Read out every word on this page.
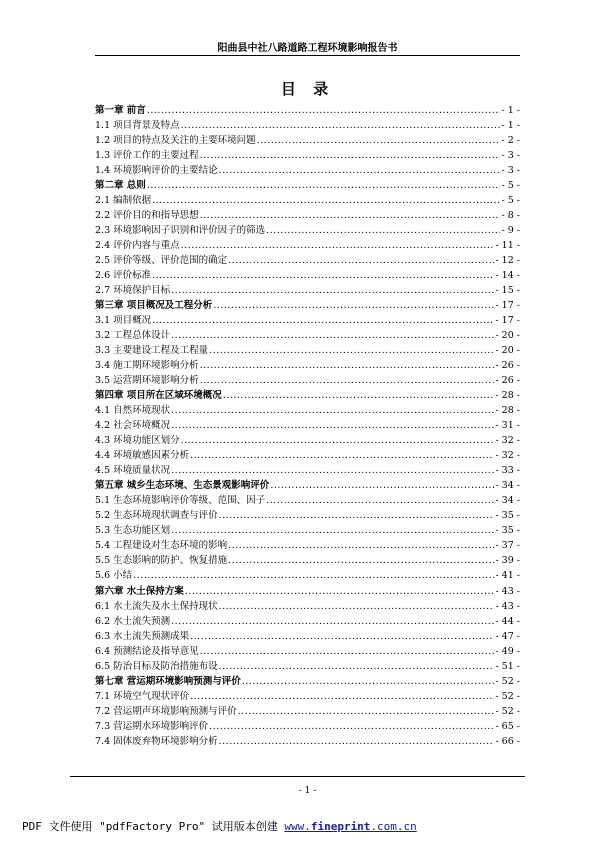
阳曲县中社八路道路工程环境影响报告书
目 录
第一章 前言 .....	- 1 -
1.1 项目背景及特点 .....	- 1 -
1.2 项目的特点及关注的主要环境问题 .....	- 2 -
1.3 评价工作的主要过程 .....	- 3 -
1.4 环境影响评价的主要结论 .....	- 3 -
第二章 总则 .....	- 5 -
2.1 编制依据 .....	- 5 -
2.2 评价目的和指导思想 .....	- 8 -
2.3 环境影响因子识别和评价因子的筛选 .....	- 9 -
2.4 评价内容与重点 .....	- 11 -
2.5 评价等级、评价范围的确定 .....	- 12 -
2.6 评价标准 .....	- 14 -
2.7 环境保护目标 .....	- 15 -
第三章 项目概况及工程分析 .....	- 17 -
3.1 项目概况 .....	- 17 -
3.2 工程总体设计 .....	- 20 -
3.3 主要建设工程及工程量 .....	- 20 -
3.4 施工期环境影响分析 .....	- 26 -
3.5 运营期环境影响分析 .....	- 26 -
第四章 项目所在区域环境概况 .....	- 28 -
4.1 自然环境现状 .....	- 28 -
4.2 社会环境概况 .....	- 31 -
4.3 环境功能区划分 .....	- 32 -
4.4 环境敏感因素分析 .....	- 32 -
4.5 环境质量状况 .....	- 33 -
第五章 城乡生态环境、生态景观影响评价 .....	- 34 -
5.1 生态环境影响评价等级、范围、因子 .....	- 34 -
5.2 生态环境现状调查与评价 .....	- 35 -
5.3 生态功能区划 .....	- 35 -
5.4 工程建设对生态环境的影响 .....	- 37 -
5.5 生态影响的防护、恢复措施 .....	- 39 -
5.6 小结 .....	- 41 -
第六章 水土保持方案 .....	- 43 -
6.1 水土流失及水土保持现状 .....	- 43 -
6.2 水土流失预测 .....	- 44 -
6.3 水土流失预测成果 .....	- 47 -
6.4 预测结论及指导意见 .....	- 49 -
6.5 防治目标及防治措施布设 .....	- 51 -
第七章 营运期环境影响预测与评价 .....	- 52 -
7.1 环境空气现状评价 .....	- 52 -
7.2 营运期声环境影响预测与评价 .....	- 52 -
7.3 营运期水环境影响评价 .....	- 65 -
7.4 固体废弃物环境影响分析 .....	- 66 -
- 1 -
PDF 文件使用 "pdfFactory Pro" 试用版本创建 www.fineprint.com.cn
